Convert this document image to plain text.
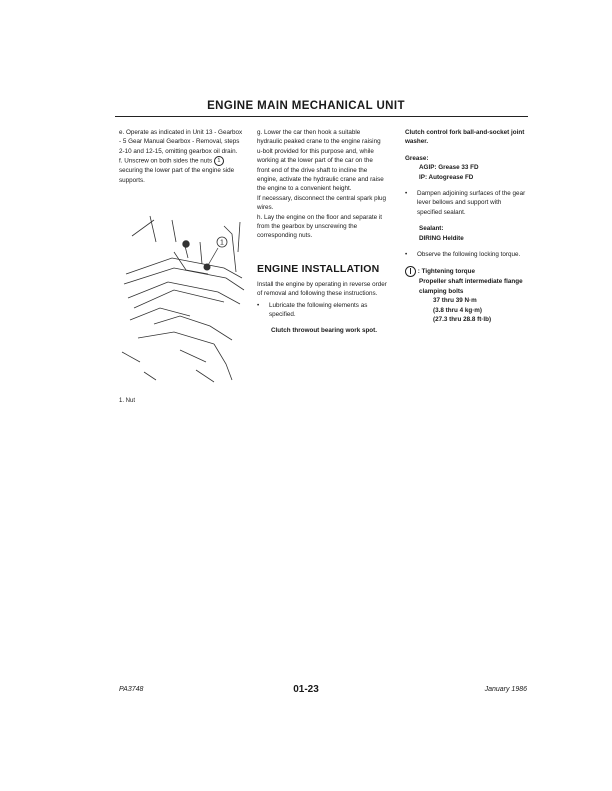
ENGINE MAIN MECHANICAL UNIT

e. Operate as indicated in Unit 13 - Gearbox - 5 Gear Manual Gearbox - Removal, steps 2-10 and 12-15, omitting gearbox oil drain.

f. Unscrew on both sides the nuts 1 securing the lower part of the engine side supports.

1
1. Nut

g. Lower the car then hook a suitable hydraulic peaked crane to the engine raising u-bolt provided for this purpose and, while working at the lower part of the car on the front end of the drive shaft to incline the engine, activate the hydraulic crane and raise the engine to a convenient height.

If necessary, disconnect the central spark plug wires.

h. Lay the engine on the floor and separate it from the gearbox by unscrewing the corresponding nuts.

ENGINE INSTALLATION

Install the engine by operating in reverse order of removal and following these instructions.

•	Lubricate the following elements as specified.

Clutch throwout bearing work spot.

Clutch control fork ball-and-socket joint washer.

Grease:

AGIP: Grease 33 FD

IP: Autogrease FD

•	Dampen adjoining surfaces of the gear lever bellows and support with specified sealant.

Sealant:

DIRING Heldite

•	Observe the following locking torque.

: Tightening torque

Propeller shaft intermediate flange clamping bolts

37 thru 39 N·m

(3.8 thru 4 kg·m)

(27.3 thru 28.8 ft·lb)

PA3748	01-23	January 1986
